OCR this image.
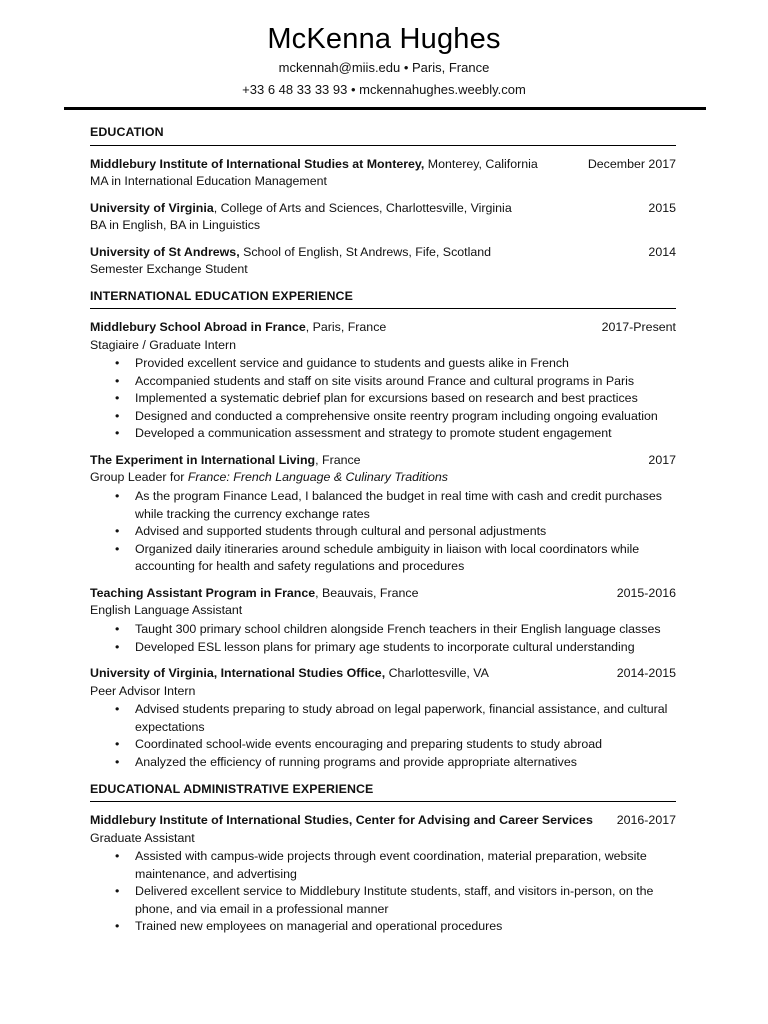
McKenna Hughes
mckennah@miis.edu • Paris, France
+33 6 48 33 33 93 • mckennahughes.weebly.com
EDUCATION
Middlebury Institute of International Studies at Monterey, Monterey, California	December 2017
MA in International Education Management
University of Virginia, College of Arts and Sciences, Charlottesville, Virginia	2015
BA in English, BA in Linguistics
University of St Andrews, School of English, St Andrews, Fife, Scotland	2014
Semester Exchange Student
INTERNATIONAL EDUCATION EXPERIENCE
Middlebury School Abroad in France, Paris, France	2017-Present
Stagiaire / Graduate Intern
• Provided excellent service and guidance to students and guests alike in French
• Accompanied students and staff on site visits around France and cultural programs in Paris
• Implemented a systematic debrief plan for excursions based on research and best practices
• Designed and conducted a comprehensive onsite reentry program including ongoing evaluation
• Developed a communication assessment and strategy to promote student engagement
The Experiment in International Living, France	2017
Group Leader for France: French Language & Culinary Traditions
• As the program Finance Lead, I balanced the budget in real time with cash and credit purchases while tracking the currency exchange rates
• Advised and supported students through cultural and personal adjustments
• Organized daily itineraries around schedule ambiguity in liaison with local coordinators while accounting for health and safety regulations and procedures
Teaching Assistant Program in France, Beauvais, France	2015-2016
English Language Assistant
• Taught 300 primary school children alongside French teachers in their English language classes
• Developed ESL lesson plans for primary age students to incorporate cultural understanding
University of Virginia, International Studies Office, Charlottesville, VA	2014-2015
Peer Advisor Intern
• Advised students preparing to study abroad on legal paperwork, financial assistance, and cultural expectations
• Coordinated school-wide events encouraging and preparing students to study abroad
• Analyzed the efficiency of running programs and provide appropriate alternatives
EDUCATIONAL ADMINISTRATIVE EXPERIENCE
Middlebury Institute of International Studies, Center for Advising and Career Services 2016-2017
Graduate Assistant
• Assisted with campus-wide projects through event coordination, material preparation, website maintenance, and advertising
• Delivered excellent service to Middlebury Institute students, staff, and visitors in-person, on the phone, and via email in a professional manner
• Trained new employees on managerial and operational procedures
